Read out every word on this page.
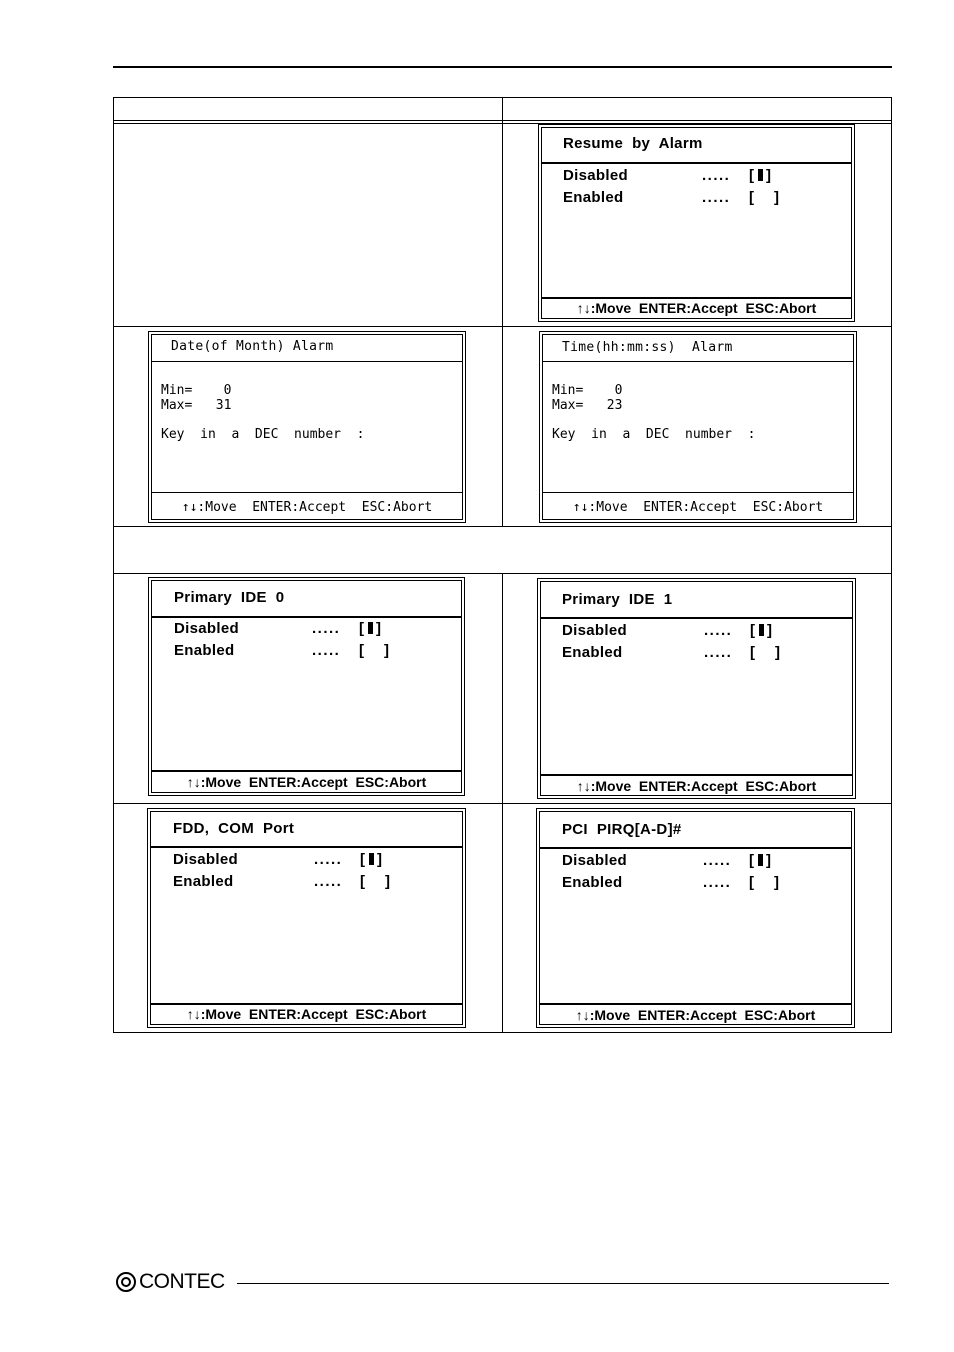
Resume  by  Alarm
Disabled	..... [ ]
Enabled	..... [ ]
↑↓:Move  ENTER:Accept  ESC:Abort
Date(of Month) Alarm
Min=    0
Max=   31
Key  in  a  DEC  number  :
↑↓:Move  ENTER:Accept  ESC:Abort
Time(hh:mm:ss)  Alarm
Min=    0
Max=   23
Key  in  a  DEC  number  :
↑↓:Move  ENTER:Accept  ESC:Abort
Primary  IDE  0
Disabled	..... [ ]
Enabled	..... [ ]
↑↓:Move  ENTER:Accept  ESC:Abort
Primary  IDE  1
Disabled	..... [ ]
Enabled	..... [ ]
↑↓:Move  ENTER:Accept  ESC:Abort
FDD,  COM  Port
Disabled	..... [ ]
Enabled	..... [ ]
↑↓:Move  ENTER:Accept  ESC:Abort
PCI  PIRQ[A-D]#
Disabled	..... [ ]
Enabled	..... [ ]
↑↓:Move  ENTER:Accept  ESC:Abort
CONTEC
